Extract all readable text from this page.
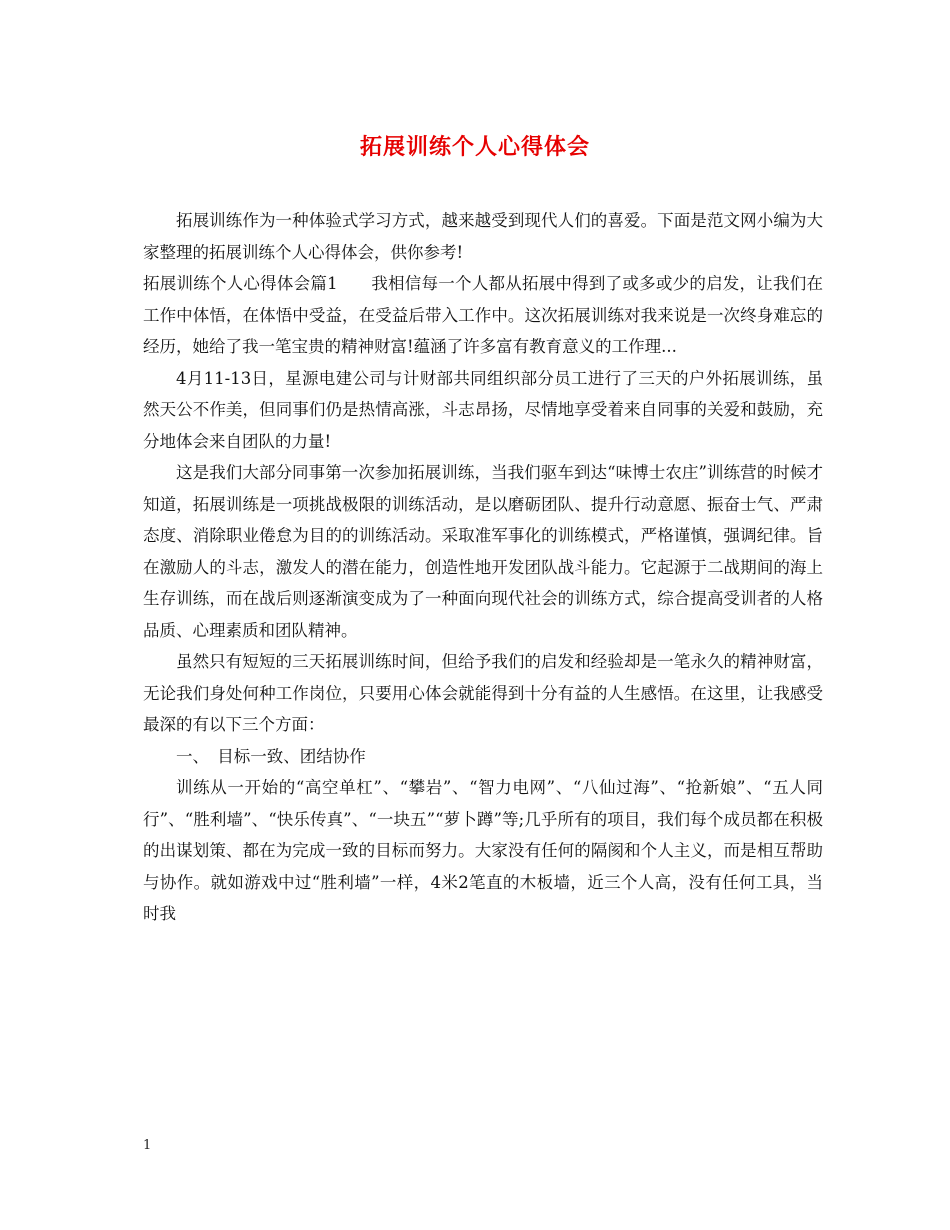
拓展训练个人心得体会

拓展训练作为一种体验式学习方式，越来越受到现代人们的喜爱。下面是范文网小编为大家整理的拓展训练个人心得体会，供你参考!

拓展训练个人心得体会篇1　　我相信每一个人都从拓展中得到了或多或少的启发，让我们在工作中体悟，在体悟中受益，在受益后带入工作中。这次拓展训练对我来说是一次终身难忘的经历，她给了我一笔宝贵的精神财富!蕴涵了许多富有教育意义的工作理...

4月11-13日，星源电建公司与计财部共同组织部分员工进行了三天的户外拓展训练，虽然天公不作美，但同事们仍是热情高涨，斗志昂扬，尽情地享受着来自同事的关爱和鼓励，充分地体会来自团队的力量!

这是我们大部分同事第一次参加拓展训练，当我们驱车到达“味博士农庄”训练营的时候才知道，拓展训练是一项挑战极限的训练活动，是以磨砺团队、提升行动意愿、振奋士气、严肃态度、消除职业倦怠为目的的训练活动。采取准军事化的训练模式，严格谨慎，强调纪律。旨在激励人的斗志，激发人的潜在能力，创造性地开发团队战斗能力。它起源于二战期间的海上生存训练，而在战后则逐渐演变成为了一种面向现代社会的训练方式，综合提高受训者的人格品质、心理素质和团队精神。

虽然只有短短的三天拓展训练时间，但给予我们的启发和经验却是一笔永久的精神财富，无论我们身处何种工作岗位，只要用心体会就能得到十分有益的人生感悟。在这里，让我感受最深的有以下三个方面：

一、　目标一致、团结协作

训练从一开始的“高空单杠”、“攀岩”、“智力电网”、“八仙过海”、“抢新娘”、“五人同行”、“胜利墙”、“快乐传真”、“一块五”“萝卜蹲”等;几乎所有的项目，我们每个成员都在积极的出谋划策、都在为完成一致的目标而努力。大家没有任何的隔阂和个人主义，而是相互帮助与协作。就如游戏中过“胜利墙”一样，4米2笔直的木板墙，近三个人高，没有任何工具，当时我

1
